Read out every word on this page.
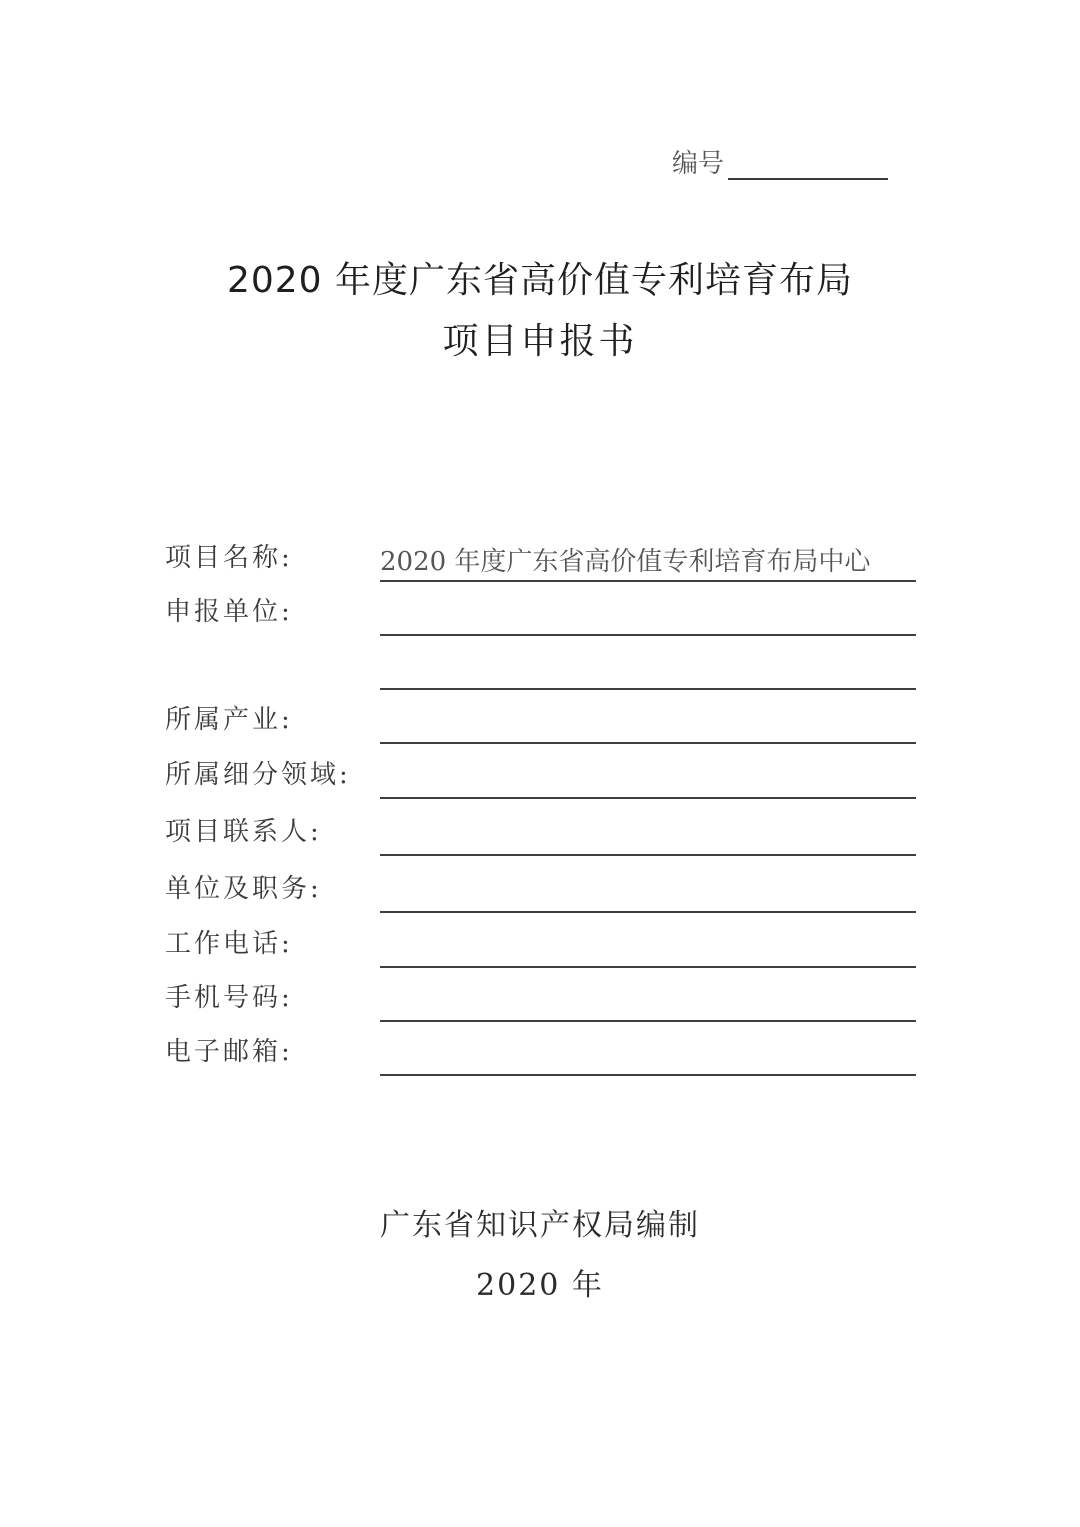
编号
2020 年度广东省高价值专利培育布局
项目申报书
项目名称:	2020 年度广东省高价值专利培育布局中心
申报单位:
所属产业:
所属细分领域:
项目联系人:
单位及职务:
工作电话:
手机号码:
电子邮箱:
广东省知识产权局编制
2020 年
